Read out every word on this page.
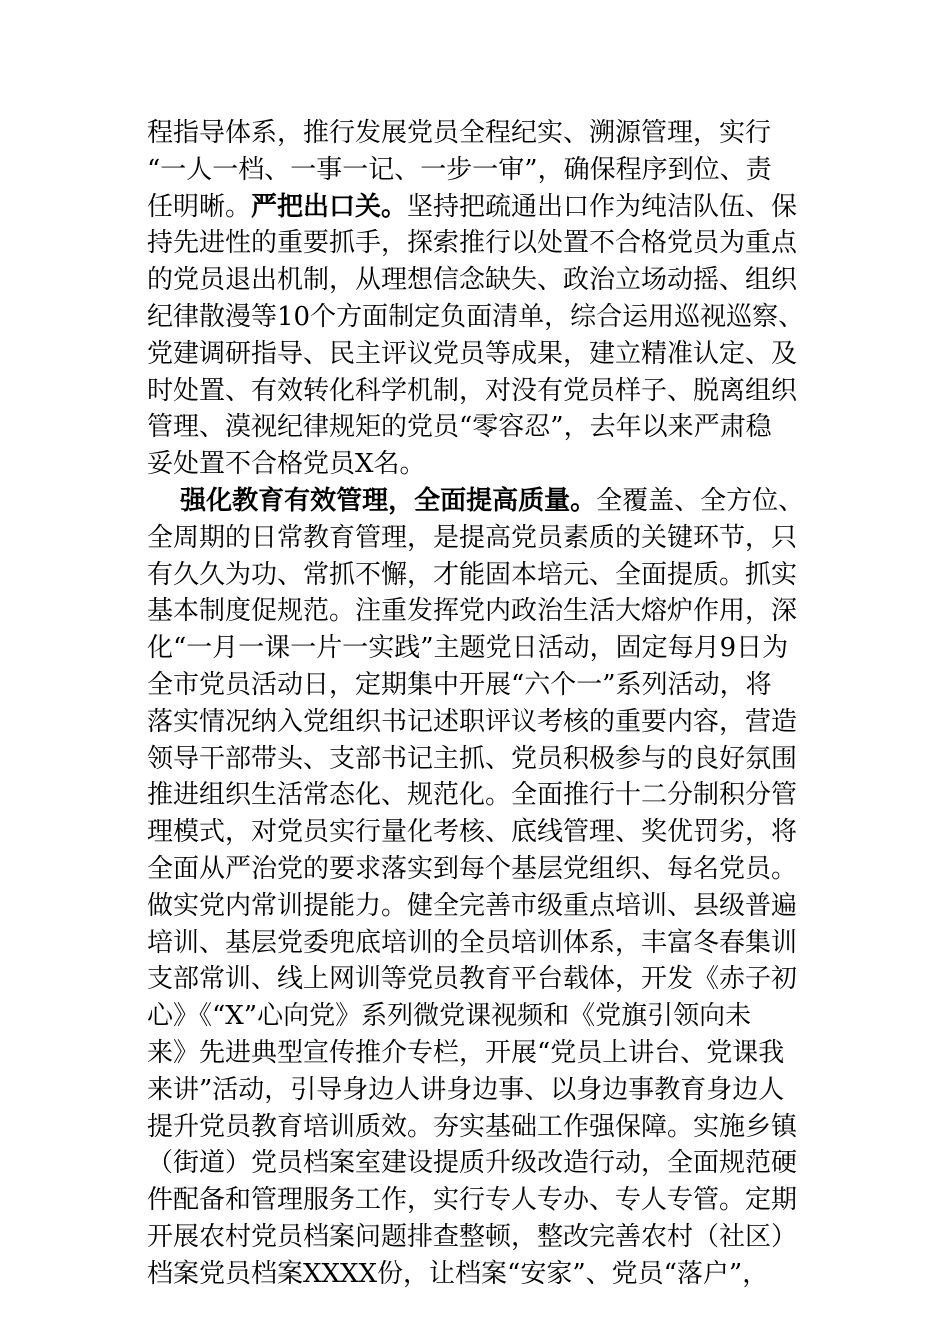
程指导体系，推行发展党员全程纪实、溯源管理，实行
“一人一档、一事一记、一步一审”，确保程序到位、责
任明晰。严把出口关。坚持把疏通出口作为纯洁队伍、保
持先进性的重要抓手，探索推行以处置不合格党员为重点
的党员退出机制，从理想信念缺失、政治立场动摇、组织
纪律散漫等10个方面制定负面清单，综合运用巡视巡察、
党建调研指导、民主评议党员等成果，建立精准认定、及
时处置、有效转化科学机制，对没有党员样子、脱离组织
管理、漠视纪律规矩的党员“零容忍”，去年以来严肃稳
妥处置不合格党员X名。
强化教育有效管理，全面提高质量。全覆盖、全方位、
全周期的日常教育管理，是提高党员素质的关键环节，只
有久久为功、常抓不懈，才能固本培元、全面提质。抓实
基本制度促规范。注重发挥党内政治生活大熔炉作用，深
化“一月一课一片一实践”主题党日活动，固定每月9日为
全市党员活动日，定期集中开展“六个一”系列活动，将
落实情况纳入党组织书记述职评议考核的重要内容，营造
领导干部带头、支部书记主抓、党员积极参与的良好氛围
推进组织生活常态化、规范化。全面推行十二分制积分管
理模式，对党员实行量化考核、底线管理、奖优罚劣，将
全面从严治党的要求落实到每个基层党组织、每名党员。
做实党内常训提能力。健全完善市级重点培训、县级普遍
培训、基层党委兜底培训的全员培训体系，丰富冬春集训
支部常训、线上网训等党员教育平台载体，开发《赤子初
心》《“X”心向党》系列微党课视频和《党旗引领向未
来》先进典型宣传推介专栏，开展“党员上讲台、党课我
来讲”活动，引导身边人讲身边事、以身边事教育身边人
提升党员教育培训质效。夯实基础工作强保障。实施乡镇
（街道）党员档案室建设提质升级改造行动，全面规范硬
件配备和管理服务工作，实行专人专办、专人专管。定期
开展农村党员档案问题排查整顿，整改完善农村（社区）
档案党员档案XXXX份，让档案“安家”、党员“落户”，
